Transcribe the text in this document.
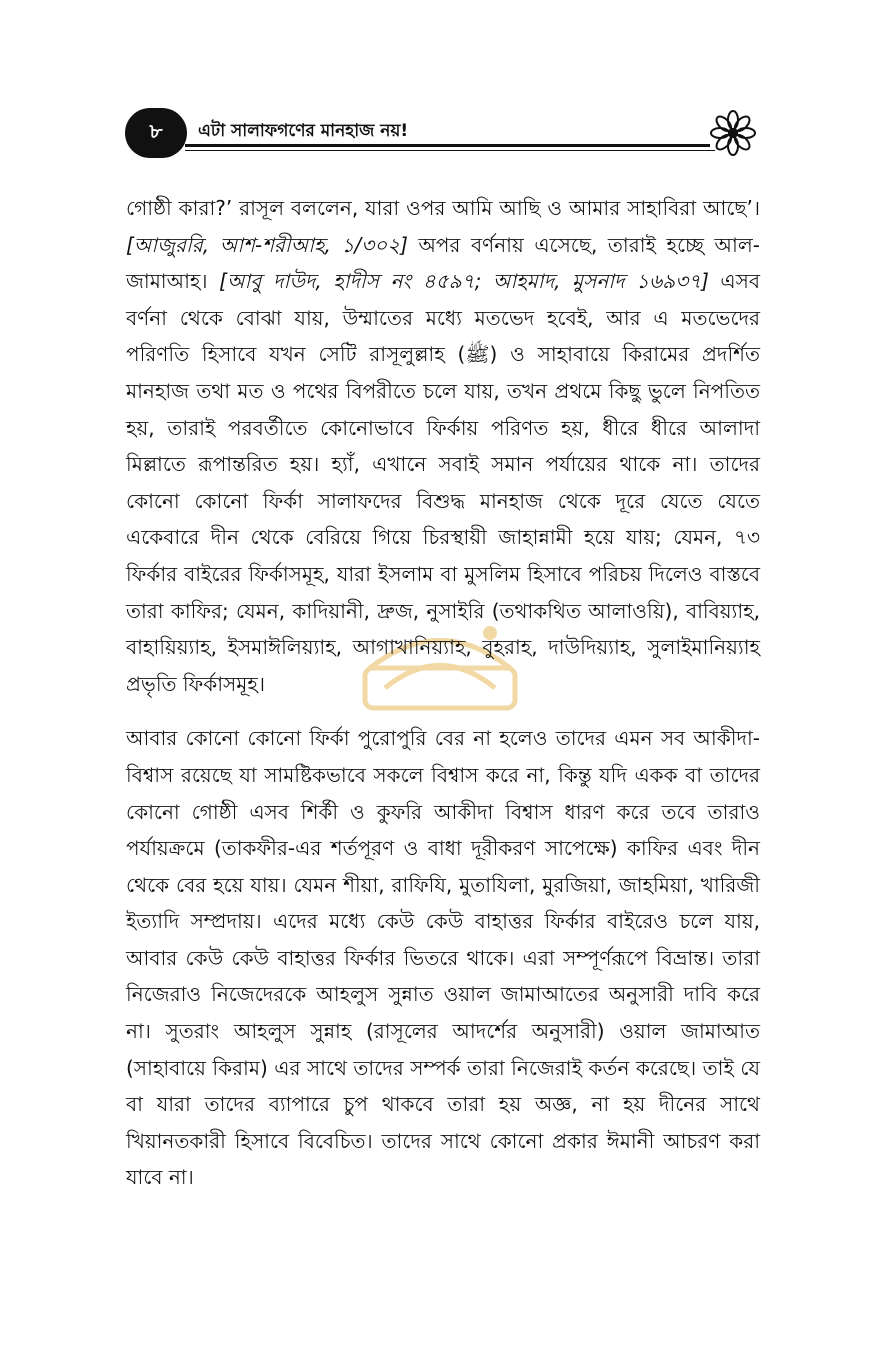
৮	এটা সালাফগণের মানহাজ নয়!

গোষ্ঠী কারা?’ রাসূল বললেন, যারা ওপর আমি আছি ও আমার সাহাবিরা আছে’। [আজুররি, আশ-শরীআহ, ১/৩০২] অপর বর্ণনায় এসেছে, তারাই হচ্ছে আল-জামাআহ। [আবু দাউদ, হাদীস নং ৪৫৯৭; আহমাদ, মুসনাদ ১৬৯৩৭] এসব বর্ণনা থেকে বোঝা যায়, উম্মাতের মধ্যে মতভেদ হবেই, আর এ মতভেদের পরিণতি হিসাবে যখন সেটি রাসূলুল্লাহ (ﷺ) ও সাহাবায়ে কিরামের প্রদর্শিত মানহাজ তথা মত ও পথের বিপরীতে চলে যায়, তখন প্রথমে কিছু ভুলে নিপতিত হয়, তারাই পরবর্তীতে কোনোভাবে ফির্কায় পরিণত হয়, ধীরে ধীরে আলাদা মিল্লাতে রূপান্তরিত হয়। হ্যাঁ, এখানে সবাই সমান পর্যায়ের থাকে না। তাদের কোনো কোনো ফির্কা সালাফদের বিশুদ্ধ মানহাজ থেকে দূরে যেতে যেতে একেবারে দীন থেকে বেরিয়ে গিয়ে চিরস্থায়ী জাহান্নামী হয়ে যায়; যেমন, ৭৩ ফির্কার বাইরের ফির্কাসমূহ, যারা ইসলাম বা মুসলিম হিসাবে পরিচয় দিলেও বাস্তবে তারা কাফির; যেমন, কাদিয়ানী, দ্রুজ, নুসাইরি (তথাকথিত আলাওয়ি), বাবিয়্যাহ, বাহায়িয়্যাহ, ইসমাঈলিয়্যাহ, আগাখানিয়্যাহ, বুহরাহ, দাউদিয়্যাহ, সুলাইমানিয়্যাহ প্রভৃতি ফির্কাসমূহ।

আবার কোনো কোনো ফির্কা পুরোপুরি বের না হলেও তাদের এমন সব আকীদা-বিশ্বাস রয়েছে যা সামষ্টিকভাবে সকলে বিশ্বাস করে না, কিন্তু যদি একক বা তাদের কোনো গোষ্ঠী এসব শির্কী ও কুফরি আকীদা বিশ্বাস ধারণ করে তবে তারাও পর্যায়ক্রমে (তাকফীর-এর শর্তপূরণ ও বাধা দূরীকরণ সাপেক্ষে) কাফির এবং দীন থেকে বের হয়ে যায়। যেমন শীয়া, রাফিযি, মুতাযিলা, মুরজিয়া, জাহমিয়া, খারিজী ইত্যাদি সম্প্রদায়। এদের মধ্যে কেউ কেউ বাহাত্তর ফির্কার বাইরেও চলে যায়, আবার কেউ কেউ বাহাত্তর ফির্কার ভিতরে থাকে। এরা সম্পূর্ণরূপে বিভ্রান্ত। তারা নিজেরাও নিজেদেরকে আহলুস সুন্নাত ওয়াল জামাআতের অনুসারী দাবি করে না। সুতরাং আহলুস সুন্নাহ (রাসূলের আদর্শের অনুসারী) ওয়াল জামাআত (সাহাবায়ে কিরাম) এর সাথে তাদের সম্পর্ক তারা নিজেরাই কর্তন করেছে। তাই যে বা যারা তাদের ব্যাপারে চুপ থাকবে তারা হয় অজ্ঞ, না হয় দীনের সাথে খিয়ানতকারী হিসাবে বিবেচিত। তাদের সাথে কোনো প্রকার ঈমানী আচরণ করা যাবে না।
